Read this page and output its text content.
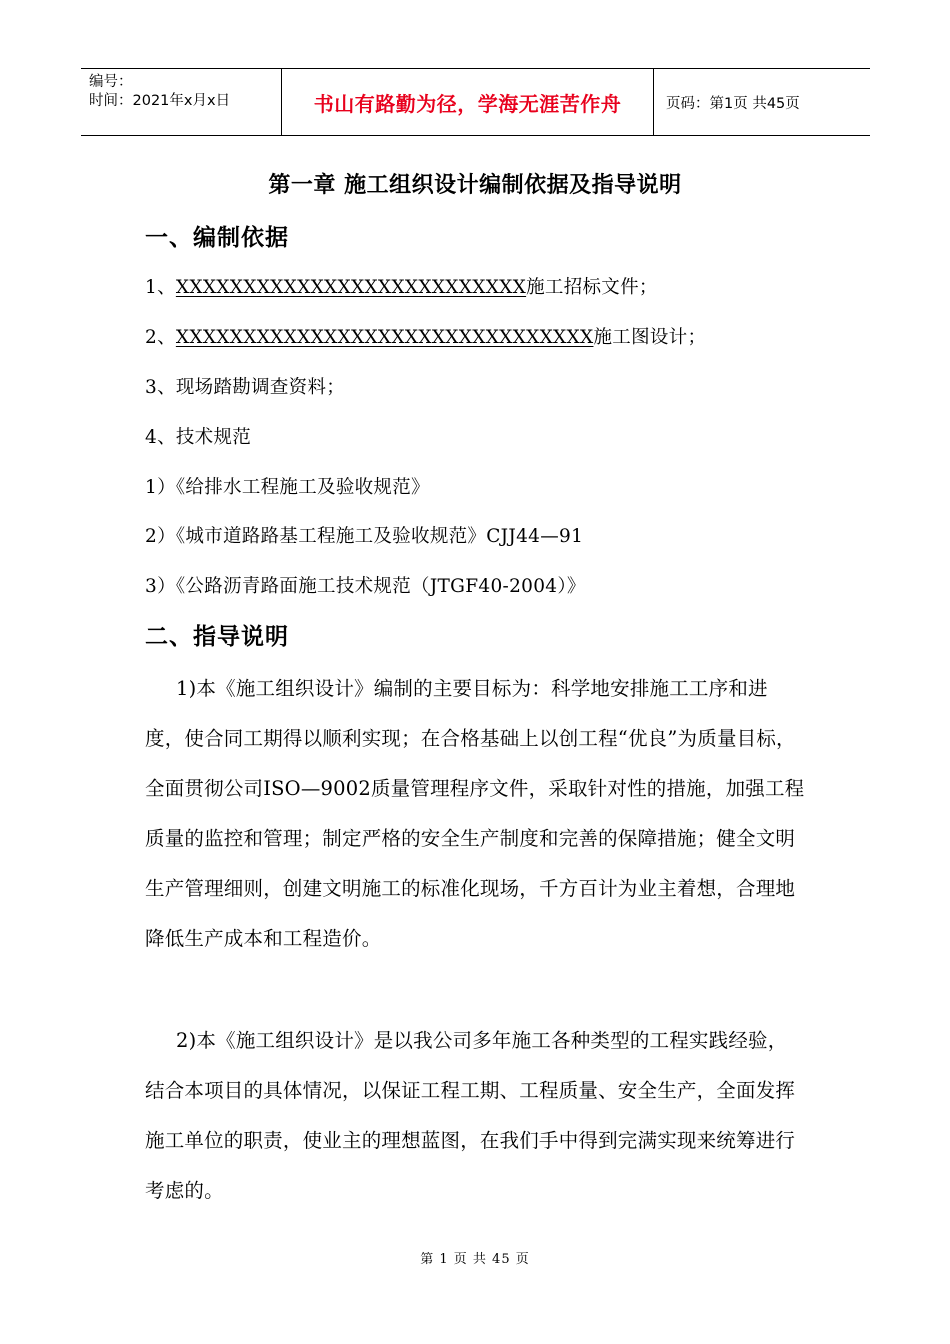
编号：
时间：2021年x月x日	书山有路勤为径，学海无涯苦作舟	页码：第1页 共45页
第一章 施工组织设计编制依据及指导说明
一、编制依据
1、XXXXXXXXXXXXXXXXXXXXXXXXXX施工招标文件；
2、XXXXXXXXXXXXXXXXXXXXXXXXXXXXXXX施工图设计；
3、现场踏勘调查资料；
4、技术规范
1）《给排水工程施工及验收规范》
2）《城市道路路基工程施工及验收规范》CJJ44—91
3）《公路沥青路面施工技术规范（JTGF40-2004）》
二、指导说明
1)本《施工组织设计》编制的主要目标为：科学地安排施工工序和进度，使合同工期得以顺利实现；在合格基础上以创工程“优良”为质量目标，全面贯彻公司ISO—9002质量管理程序文件，采取针对性的措施，加强工程质量的监控和管理；制定严格的安全生产制度和完善的保障措施；健全文明生产管理细则，创建文明施工的标准化现场，千方百计为业主着想，合理地降低生产成本和工程造价。
2)本《施工组织设计》是以我公司多年施工各种类型的工程实践经验，结合本项目的具体情况，以保证工程工期、工程质量、安全生产，全面发挥施工单位的职责，使业主的理想蓝图，在我们手中得到完满实现来统筹进行考虑的。
第 1 页 共 45 页
